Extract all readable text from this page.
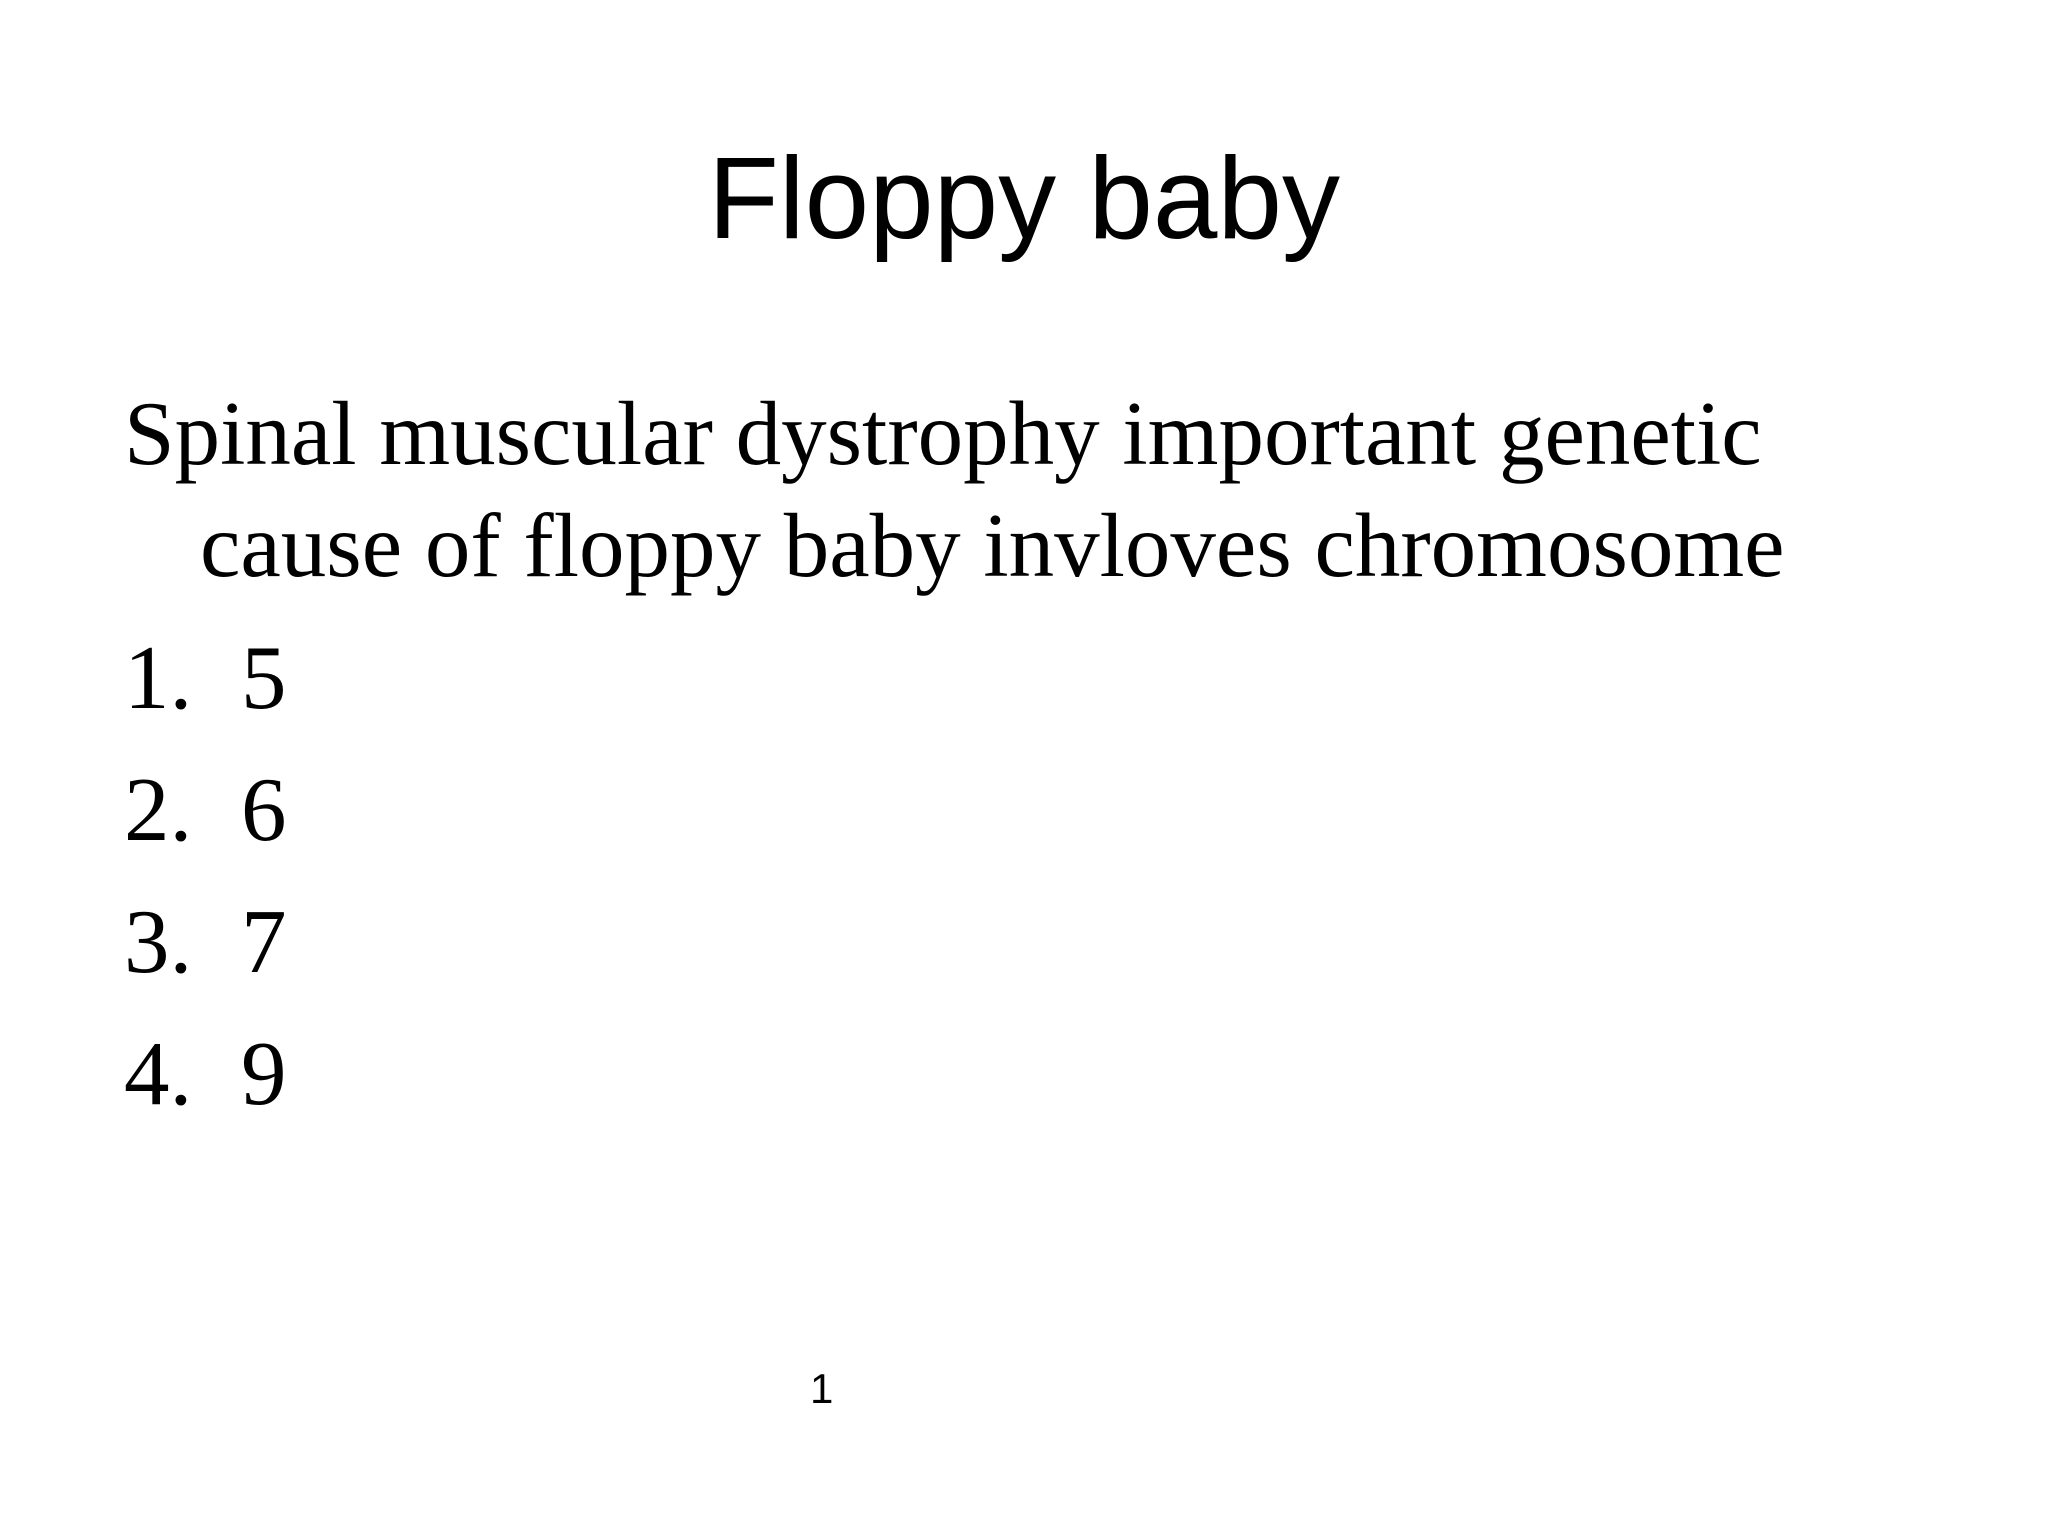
Floppy baby

Spinal muscular dystrophy important genetic cause of floppy baby invloves chromosome

1. 5
2. 6
3. 7
4. 9
1
